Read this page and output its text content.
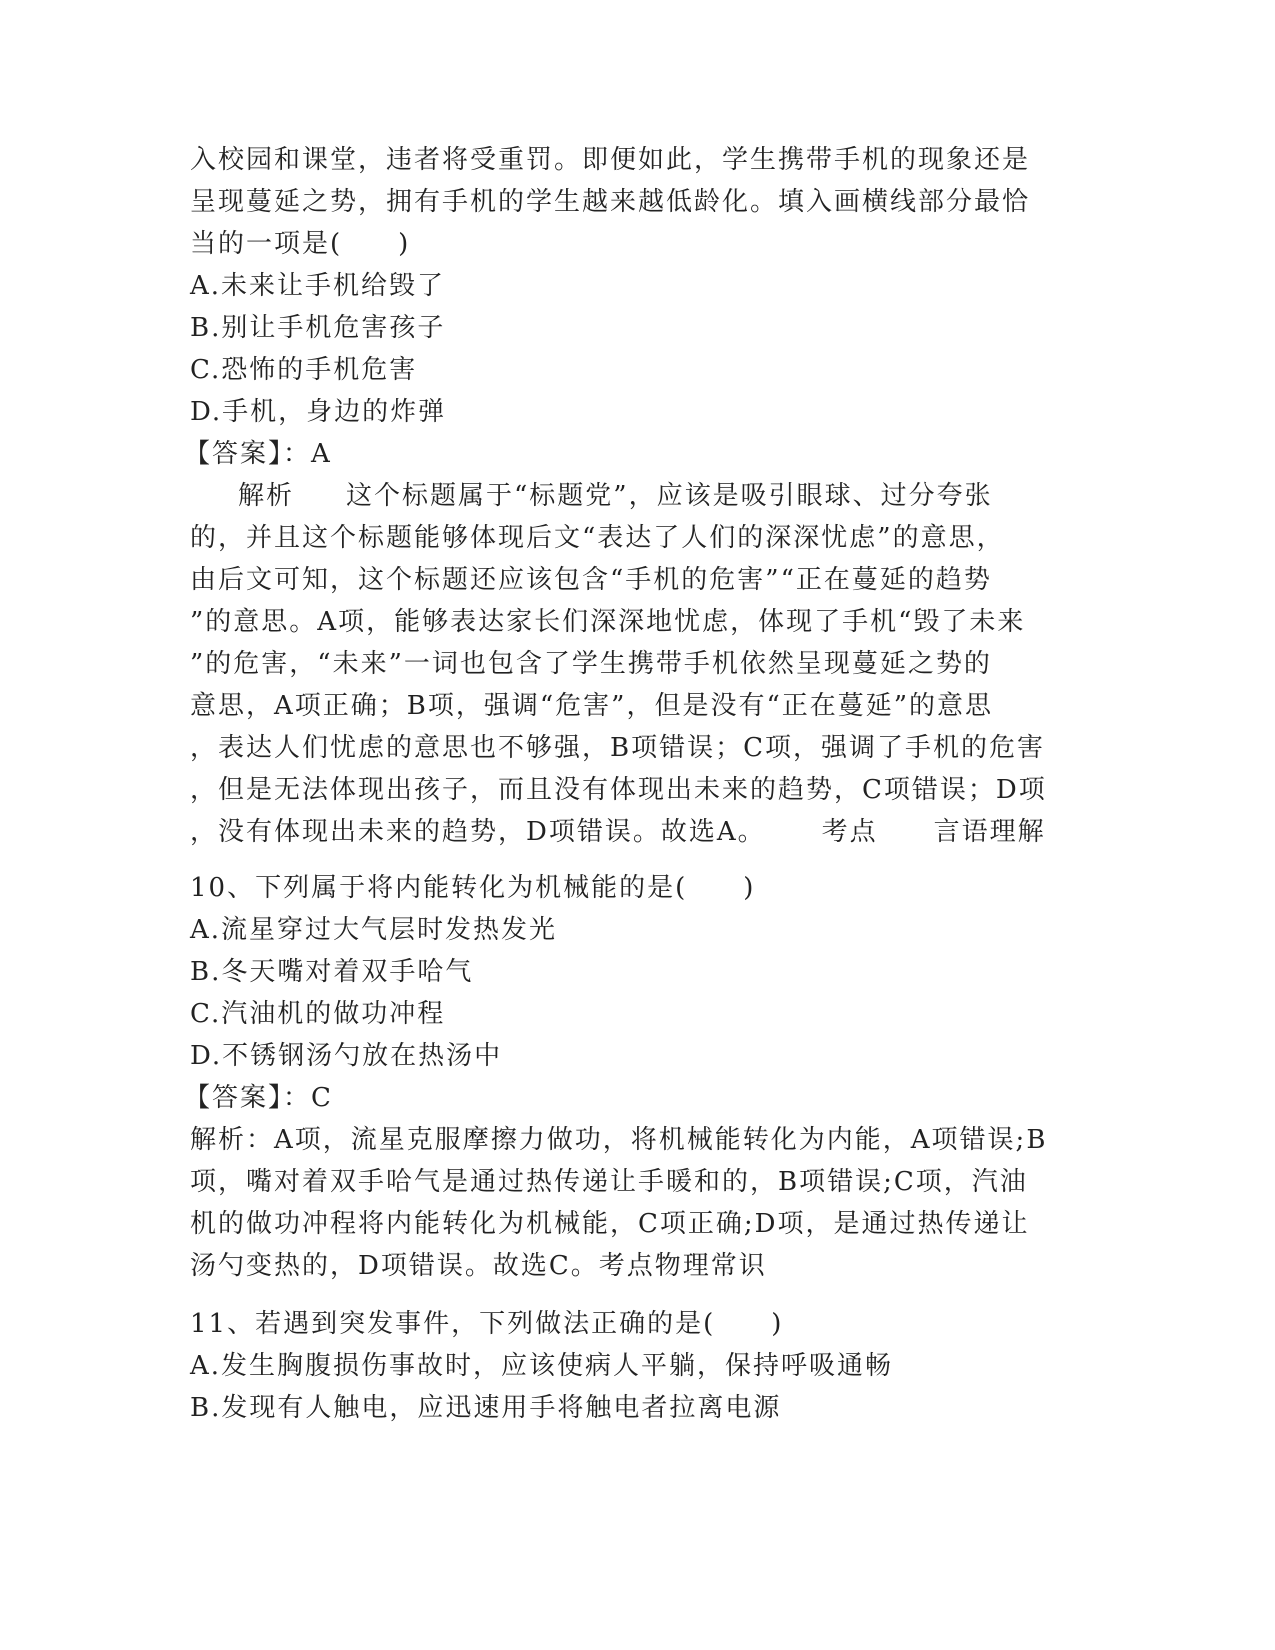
入校园和课堂，违者将受重罚。即便如此，学生携带手机的现象还是
呈现蔓延之势，拥有手机的学生越来越低龄化。填入画横线部分最恰
当的一项是(　　)
A.未来让手机给毁了
B.别让手机危害孩子
C.恐怖的手机危害
D.手机，身边的炸弹
【答案】：A
解析 这个标题属于“标题党”，应该是吸引眼球、过分夸张
的，并且这个标题能够体现后文“表达了人们的深深忧虑”的意思，
由后文可知，这个标题还应该包含“手机的危害”“正在蔓延的趋势
”的意思。A项，能够表达家长们深深地忧虑，体现了手机“毁了未来
”的危害，“未来”一词也包含了学生携带手机依然呈现蔓延之势的
意思，A项正确；B项，强调“危害”，但是没有“正在蔓延”的意思
，表达人们忧虑的意思也不够强，B项错误；C项，强调了手机的危害
，但是无法体现出孩子，而且没有体现出未来的趋势，C项错误；D项
，没有体现出未来的趋势，D项错误。故选A。 考点 言语理解
10、下列属于将内能转化为机械能的是(　　)
A.流星穿过大气层时发热发光
B.冬天嘴对着双手哈气
C.汽油机的做功冲程
D.不锈钢汤勺放在热汤中
【答案】：C
解析：A项，流星克服摩擦力做功，将机械能转化为内能，A项错误;B
项，嘴对着双手哈气是通过热传递让手暖和的，B项错误;C项，汽油
机的做功冲程将内能转化为机械能，C项正确;D项，是通过热传递让
汤勺变热的，D项错误。故选C。考点物理常识
11、若遇到突发事件，下列做法正确的是(　　)
A.发生胸腹损伤事故时，应该使病人平躺，保持呼吸通畅
B.发现有人触电，应迅速用手将触电者拉离电源
